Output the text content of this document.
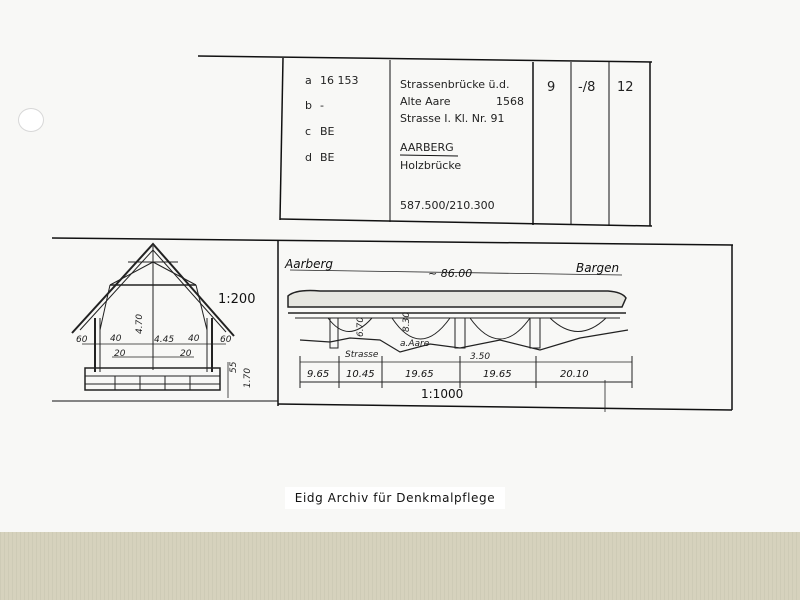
a 16 153
b -
c BE
d BE
Strassenbrücke ü.d.
Alte Aare	1568
Strasse I. Kl. Nr. 91
AARBERG
Holzbrücke
587.500/210.300
9 -/8 12
60	60
40	40
20	20
4.70
4.45
55
1.70
1:200
Aarberg	Bargen
~ 86.00
6.70	8.30
Strasse
a.Aare
3.50
9.65 10.45	19.65	19.65	20.10
1:1000
Eidg Archiv für Denkmalpflege
